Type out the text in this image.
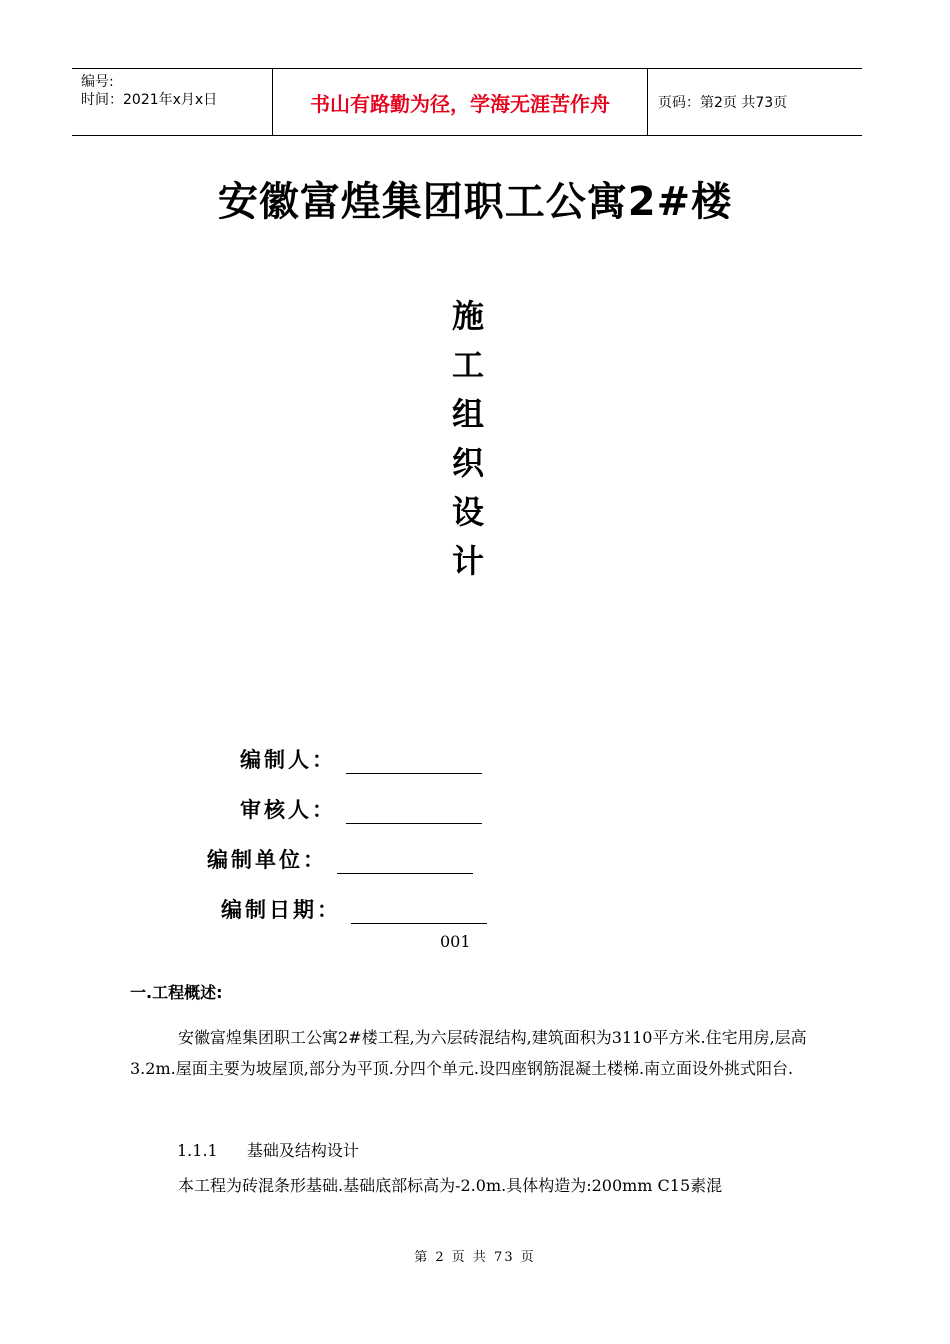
编号:
时间：2021年x月x日	书山有路勤为径，学海无涯苦作舟	页码：第2页 共73页
安徽富煌集团职工公寓2#楼
施
工
组
织
设
计
编制人：
审核人：
编制单位：
编制日期：
001
一.工程概述:

安徽富煌集团职工公寓2#楼工程,为六层砖混结构,建筑面积为3110平方米.住宅用房,层高3.2m.屋面主要为坡屋顶,部分为平顶.分四个单元.设四座钢筋混凝土楼梯.南立面设外挑式阳台.

1.1.1 基础及结构设计

本工程为砖混条形基础.基础底部标高为-2.0m.具体构造为:200mm C15素混

第 2 页 共 73 页
